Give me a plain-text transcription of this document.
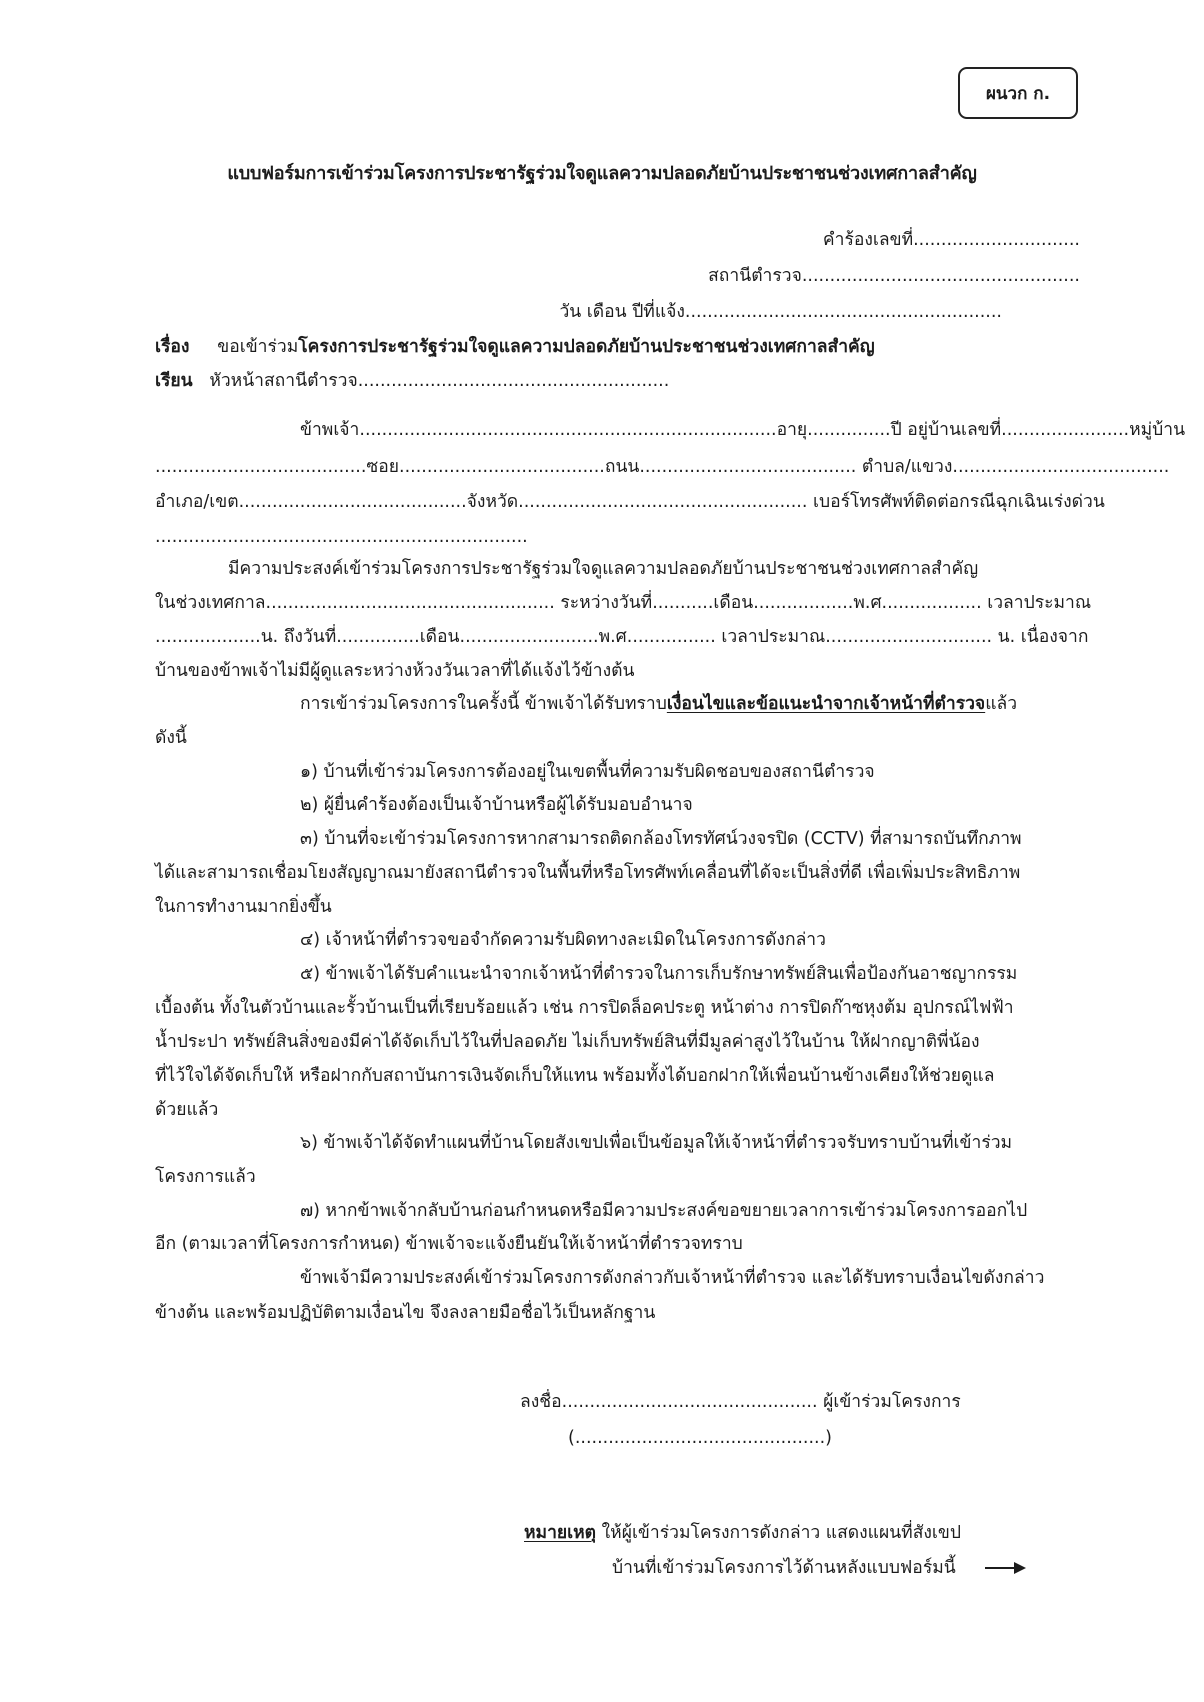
ผนวก ก.
แบบฟอร์มการเข้าร่วมโครงการประชารัฐร่วมใจดูแลความปลอดภัยบ้านประชาชนช่วงเทศกาลสำคัญ
คำร้องเลขที่..............................
สถานีตำรวจ..................................................
วัน เดือน ปีที่แจ้ง.........................................................
เรื่อง ขอเข้าร่วมโครงการประชารัฐร่วมใจดูแลความปลอดภัยบ้านประชาชนช่วงเทศกาลสำคัญ
เรียน หัวหน้าสถานีตำรวจ........................................................
ข้าพเจ้า...........................................................................อายุ...............ปี อยู่บ้านเลขที่.......................หมู่บ้าน
......................................ซอย.....................................ถนน....................................... ตำบล/แขวง.......................................
อำเภอ/เขต.........................................จังหวัด.................................................... เบอร์โทรศัพท์ติดต่อกรณีฉุกเฉินเร่งด่วน
...................................................................
มีความประสงค์เข้าร่วมโครงการประชารัฐร่วมใจดูแลความปลอดภัยบ้านประชาชนช่วงเทศกาลสำคัญ
ในช่วงเทศกาล.................................................... ระหว่างวันที่...........เดือน..................พ.ศ.................. เวลาประมาณ
...................น. ถึงวันที่...............เดือน.........................พ.ศ................ เวลาประมาณ.............................. น. เนื่องจาก
บ้านของข้าพเจ้าไม่มีผู้ดูแลระหว่างห้วงวันเวลาที่ได้แจ้งไว้ข้างต้น
การเข้าร่วมโครงการในครั้งนี้ ข้าพเจ้าได้รับทราบเงื่อนไขและข้อแนะนำจากเจ้าหน้าที่ตำรวจแล้ว
ดังนี้
๑) บ้านที่เข้าร่วมโครงการต้องอยู่ในเขตพื้นที่ความรับผิดชอบของสถานีตำรวจ
๒) ผู้ยื่นคำร้องต้องเป็นเจ้าบ้านหรือผู้ได้รับมอบอำนาจ
๓) บ้านที่จะเข้าร่วมโครงการหากสามารถติดกล้องโทรทัศน์วงจรปิด (CCTV) ที่สามารถบันทึกภาพ
ได้และสามารถเชื่อมโยงสัญญาณมายังสถานีตำรวจในพื้นที่หรือโทรศัพท์เคลื่อนที่ได้จะเป็นสิ่งที่ดี เพื่อเพิ่มประสิทธิภาพ
ในการทำงานมากยิ่งขึ้น
๔) เจ้าหน้าที่ตำรวจขอจำกัดความรับผิดทางละเมิดในโครงการดังกล่าว
๕) ข้าพเจ้าได้รับคำแนะนำจากเจ้าหน้าที่ตำรวจในการเก็บรักษาทรัพย์สินเพื่อป้องกันอาชญากรรม
เบื้องต้น ทั้งในตัวบ้านและรั้วบ้านเป็นที่เรียบร้อยแล้ว เช่น การปิดล็อคประตู หน้าต่าง การปิดก๊าซหุงต้ม อุปกรณ์ไฟฟ้า
น้ำประปา ทรัพย์สินสิ่งของมีค่าได้จัดเก็บไว้ในที่ปลอดภัย ไม่เก็บทรัพย์สินที่มีมูลค่าสูงไว้ในบ้าน ให้ฝากญาติพี่น้อง
ที่ไว้ใจได้จัดเก็บให้ หรือฝากกับสถาบันการเงินจัดเก็บให้แทน พร้อมทั้งได้บอกฝากให้เพื่อนบ้านข้างเคียงให้ช่วยดูแล
ด้วยแล้ว
๖) ข้าพเจ้าได้จัดทำแผนที่บ้านโดยสังเขปเพื่อเป็นข้อมูลให้เจ้าหน้าที่ตำรวจรับทราบบ้านที่เข้าร่วม
โครงการแล้ว
๗) หากข้าพเจ้ากลับบ้านก่อนกำหนดหรือมีความประสงค์ขอขยายเวลาการเข้าร่วมโครงการออกไป
อีก (ตามเวลาที่โครงการกำหนด) ข้าพเจ้าจะแจ้งยืนยันให้เจ้าหน้าที่ตำรวจทราบ
ข้าพเจ้ามีความประสงค์เข้าร่วมโครงการดังกล่าวกับเจ้าหน้าที่ตำรวจ และได้รับทราบเงื่อนไขดังกล่าว
ข้างต้น และพร้อมปฏิบัติตามเงื่อนไข จึงลงลายมือชื่อไว้เป็นหลักฐาน
ลงชื่อ.............................................. ผู้เข้าร่วมโครงการ
(.............................................)
หมายเหตุ ให้ผู้เข้าร่วมโครงการดังกล่าว แสดงแผนที่สังเขป
บ้านที่เข้าร่วมโครงการไว้ด้านหลังแบบฟอร์มนี้
